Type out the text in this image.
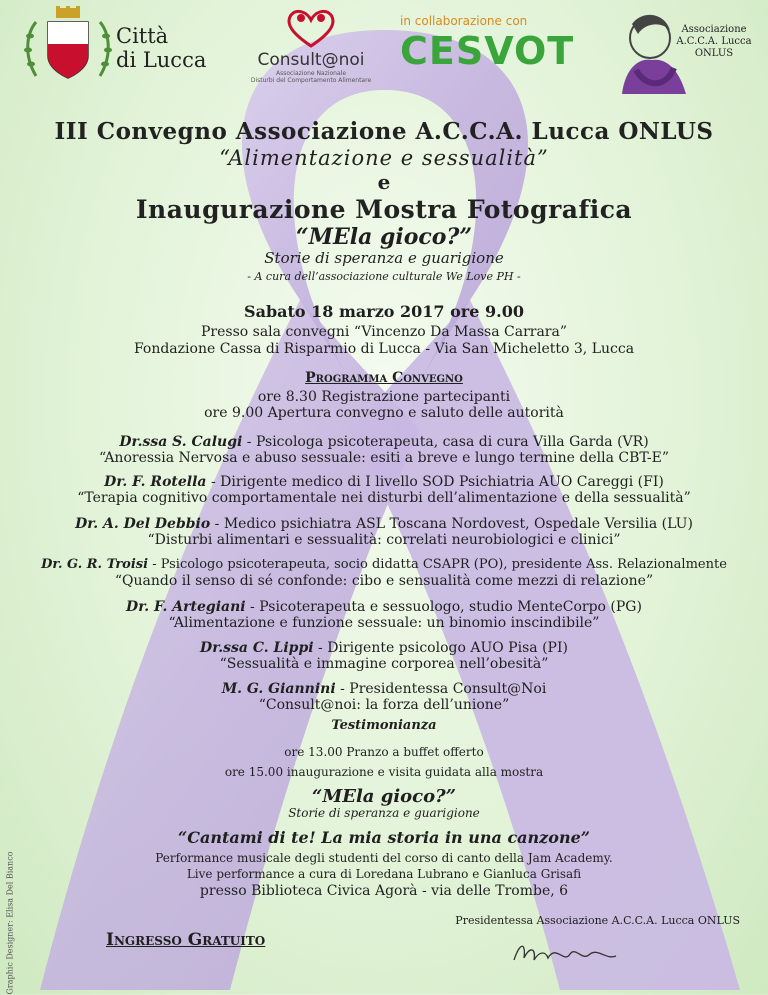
Città
di Lucca	Consult@noi
Associazione Nazionale
Disturbi del Comportamento Alimentare
in collaborazione con
CESVOT	Associazione
A.C.C.A. Lucca
ONLUS
III Convegno Associazione A.C.C.A. Lucca ONLUS
“Alimentazione e sessualità”
e
Inaugurazione Mostra Fotografica
“MEla gioco?”
Storie di speranza e guarigione
- A cura dell’associazione culturale We Love PH -
Sabato 18 marzo 2017 ore 9.00
Presso sala convegni “Vincenzo Da Massa Carrara”
Fondazione Cassa di Risparmio di Lucca - Via San Micheletto 3, Lucca
Programma Convegno
ore 8.30 Registrazione partecipanti
ore 9.00 Apertura convegno e saluto delle autorità
Dr.ssa S. Calugi - Psicologa psicoterapeuta, casa di cura Villa Garda (VR)
“Anoressia Nervosa e abuso sessuale: esiti a breve e lungo termine della CBT-E”
Dr. F. Rotella - Dirigente medico di I livello SOD Psichiatria AUO Careggi (FI)
“Terapia cognitivo comportamentale nei disturbi dell’alimentazione e della sessualità”
Dr. A. Del Debbio - Medico psichiatra ASL Toscana Nordovest, Ospedale Versilia (LU)
“Disturbi alimentari e sessualità: correlati neurobiologici e clinici”
Dr. G. R. Troisi - Psicologo psicoterapeuta, socio didatta CSAPR (PO), presidente Ass. Relazionalmente
“Quando il senso di sé confonde: cibo e sensualità come mezzi di relazione”
Dr. F. Artegiani - Psicoterapeuta e sessuologo, studio MenteCorpo (PG)
“Alimentazione e funzione sessuale: un binomio inscindibile”
Dr.ssa C. Lippi - Dirigente psicologo AUO Pisa (PI)
“Sessualità e immagine corporea nell’obesità”
M. G. Giannini - Presidentessa Consult@Noi
“Consult@noi: la forza dell’unione”
Testimonianza
ore 13.00 Pranzo a buffet offerto
ore 15.00 inaugurazione e visita guidata alla mostra
“MEla gioco?”
Storie di speranza e guarigione
“Cantami di te! La mia storia in una canzone”
Performance musicale degli studenti del corso di canto della Jam Academy.
Live performance a cura di Loredana Lubrano e Gianluca Grisafi
presso Biblioteca Civica Agorà - via delle Trombe, 6
Presidentessa Associazione A.C.C.A. Lucca ONLUS
Ingresso Gratuito
Graphic Designer: Elisa Del Bianco
